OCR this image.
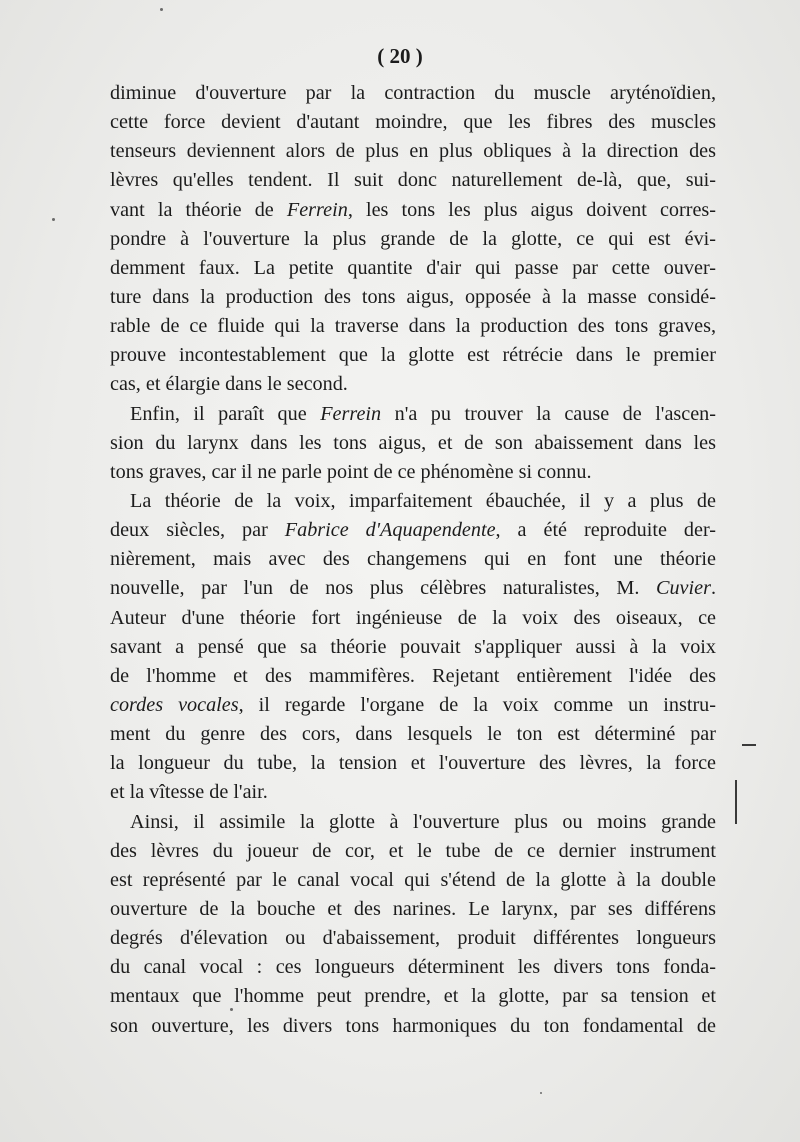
( 20 )
diminue d'ouverture par la contraction du muscle aryténoïdien,
cette force devient d'autant moindre, que les fibres des muscles
tenseurs deviennent alors de plus en plus obliques à la direction des
lèvres qu'elles tendent. Il suit donc naturellement de-là, que, sui-
vant la théorie de Ferrein, les tons les plus aigus doivent corres-
pondre à l'ouverture la plus grande de la glotte, ce qui est évi-
demment faux. La petite quantite d'air qui passe par cette ouver-
ture dans la production des tons aigus, opposée à la masse considé-
rable de ce fluide qui la traverse dans la production des tons graves,
prouve incontestablement que la glotte est rétrécie dans le premier
cas, et élargie dans le second.
Enfin, il paraît que Ferrein n'a pu trouver la cause de l'ascen-
sion du larynx dans les tons aigus, et de son abaissement dans les
tons graves, car il ne parle point de ce phénomène si connu.
La théorie de la voix, imparfaitement ébauchée, il y a plus de
deux siècles, par Fabrice d'Aquapendente, a été reproduite der-
nièrement, mais avec des changemens qui en font une théorie
nouvelle, par l'un de nos plus célèbres naturalistes, M. Cuvier.
Auteur d'une théorie fort ingénieuse de la voix des oiseaux, ce
savant a pensé que sa théorie pouvait s'appliquer aussi à la voix
de l'homme et des mammifères. Rejetant entièrement l'idée des
cordes vocales, il regarde l'organe de la voix comme un instru-
ment du genre des cors, dans lesquels le ton est déterminé par
la longueur du tube, la tension et l'ouverture des lèvres, la force
et la vîtesse de l'air.
Ainsi, il assimile la glotte à l'ouverture plus ou moins grande
des lèvres du joueur de cor, et le tube de ce dernier instrument
est représenté par le canal vocal qui s'étend de la glotte à la double
ouverture de la bouche et des narines. Le larynx, par ses différens
degrés d'élevation ou d'abaissement, produit différentes longueurs
du canal vocal : ces longueurs déterminent les divers tons fonda-
mentaux que l'homme peut prendre, et la glotte, par sa tension et
son ouverture, les divers tons harmoniques du ton fondamental de
